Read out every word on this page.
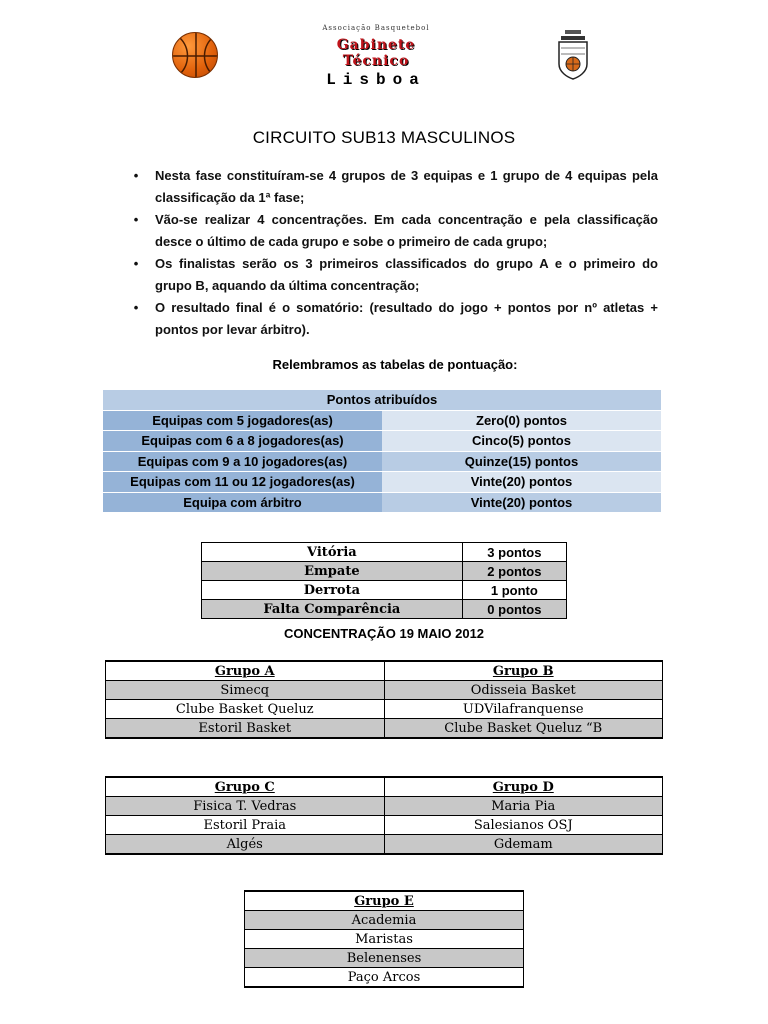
Associação Basquetebol
Gabinete Técnico
Lisboa
CIRCUITO SUB13 MASCULINOS
• Nesta fase constituíram-se 4 grupos de 3 equipas e 1 grupo de 4 equipas pela classificação da 1ª fase;
• Vão-se realizar 4 concentrações. Em cada concentração e pela classificação desce o último de cada grupo e sobe o primeiro de cada grupo;
• Os finalistas serão os 3 primeiros classificados do grupo A e o primeiro do grupo B, aquando da última concentração;
• O resultado final é o somatório: (resultado do jogo + pontos por nº atletas + pontos por levar árbitro).
Relembramos as tabelas de pontuação:
Pontos atribuídos	
Equipas com 5 jogadores(as)	Zero(0) pontos
Equipas com 6 a 8 jogadores(as)	Cinco(5) pontos
Equipas com 9 a 10 jogadores(as)	Quinze(15) pontos
Equipas com 11 ou 12 jogadores(as)	Vinte(20) pontos
Equipa com árbitro	Vinte(20) pontos
Vitória	3 pontos
Empate	2 pontos
Derrota	1 ponto
Falta Comparência	0 pontos
CONCENTRAÇÃO 19 MAIO 2012
Grupo A	Grupo B
Simecq	Odisseia Basket
Clube Basket Queluz	UDVilafranquense
Estoril Basket	Clube Basket Queluz “B
Grupo C	Grupo D
Fisica T. Vedras	Maria Pia
Estoril Praia	Salesianos OSJ
Algés	Gdemam
Grupo E
Academia
Maristas
Belenenses
Paço Arcos
